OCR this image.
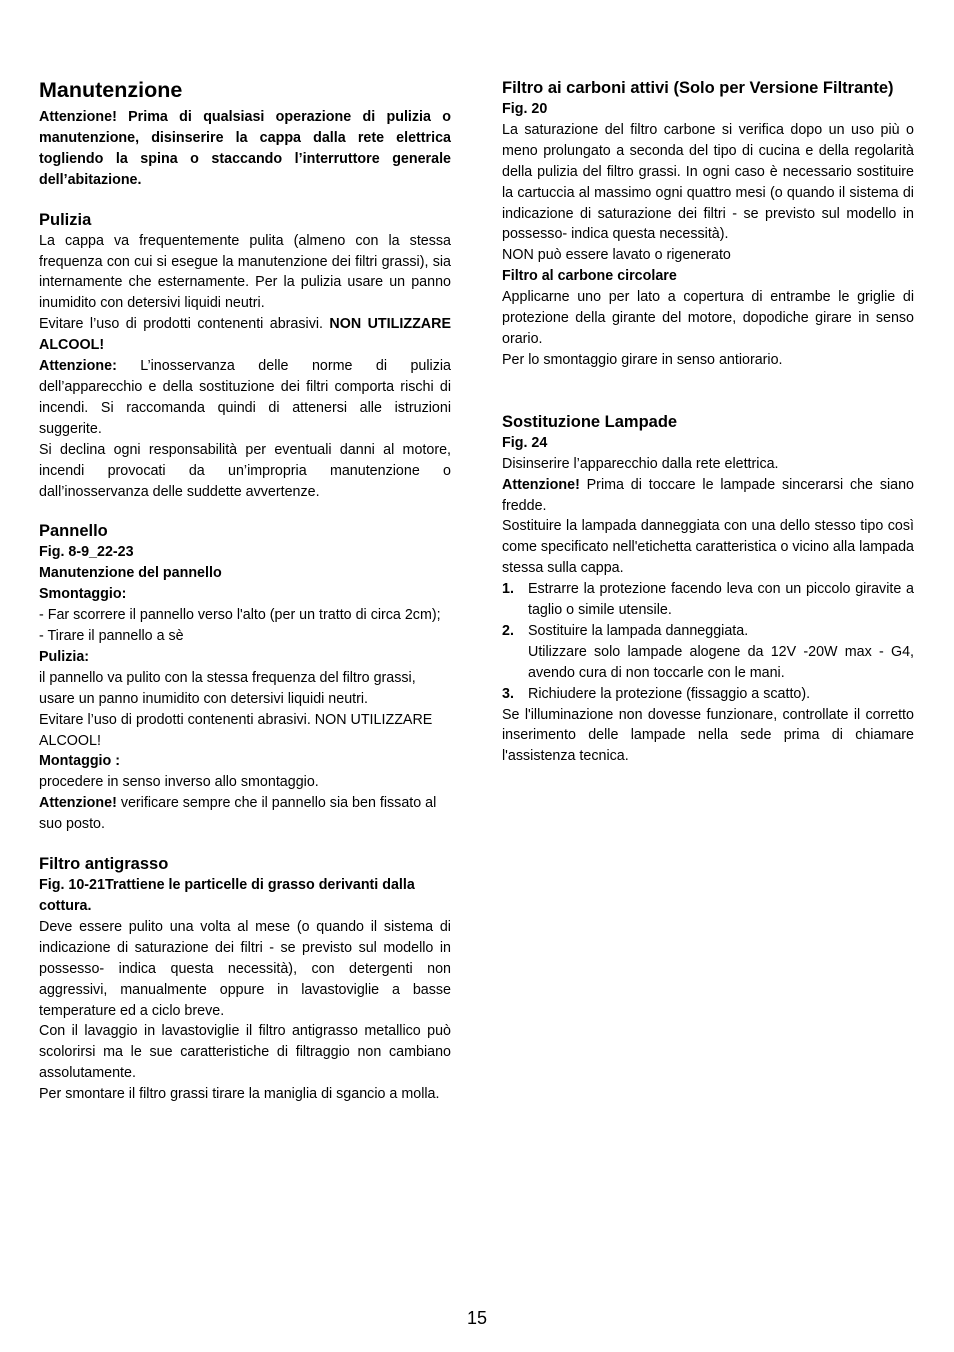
Manutenzione

Attenzione! Prima di qualsiasi operazione di pulizia o manutenzione, disinserire la cappa dalla rete elettrica togliendo la spina o staccando l’interruttore generale dell’abitazione.

Pulizia

La cappa va frequentemente pulita (almeno con la stessa frequenza con cui si esegue la manutenzione dei filtri grassi), sia internamente che esternamente. Per la pulizia usare un panno inumidito con detersivi liquidi neutri.

Evitare l’uso di prodotti contenenti abrasivi. NON UTILIZZARE ALCOOL!

Attenzione: L’inosservanza delle norme di pulizia dell’apparecchio e della sostituzione dei filtri comporta rischi di incendi. Si raccomanda quindi di attenersi alle istruzioni suggerite.

Si declina ogni responsabilità per eventuali danni al motore, incendi provocati da un’impropria manutenzione o dall’inosservanza delle suddette avvertenze.

Pannello

Fig. 8-9_22-23

Manutenzione del pannello

Smontaggio:

- Far scorrere il pannello verso l'alto (per un tratto di circa 2cm);

- Tirare il pannello a sè

Pulizia:

il pannello va pulito con la stessa frequenza del filtro grassi, usare un panno inumidito con detersivi liquidi neutri.

Evitare l’uso di prodotti contenenti abrasivi. NON UTILIZZARE ALCOOL!

Montaggio :

procedere in senso inverso allo smontaggio.

Attenzione! verificare sempre che il pannello sia ben fissato al suo posto.

Filtro antigrasso

Fig. 10-21Trattiene le particelle di grasso derivanti dalla cottura.

Deve essere pulito una volta al mese (o quando il sistema di indicazione di saturazione dei filtri - se previsto sul modello in possesso- indica questa necessità), con detergenti non aggressivi, manualmente oppure in lavastoviglie a basse temperature ed a ciclo breve.

Con il lavaggio in lavastoviglie il filtro antigrasso metallico può scolorirsi ma le sue caratteristiche di filtraggio non cambiano assolutamente.

Per smontare il filtro grassi tirare la maniglia di sgancio a molla.

Filtro ai carboni attivi (Solo per Versione Filtrante)

Fig. 20

La saturazione del filtro carbone si verifica dopo un uso più o meno prolungato a seconda del tipo di cucina e della regolarità della pulizia del filtro grassi. In ogni caso è necessario sostituire la cartuccia al massimo ogni quattro mesi (o quando il sistema di indicazione di saturazione dei filtri - se previsto sul modello in possesso- indica questa necessità).

NON può essere lavato o rigenerato

Filtro al carbone circolare

Applicarne uno per lato a copertura di entrambe le griglie di protezione della girante del motore, dopodiche girare in senso orario.

Per lo smontaggio girare in senso antiorario.

Sostituzione Lampade

Fig. 24

Disinserire l’apparecchio dalla rete elettrica.

Attenzione! Prima di toccare le lampade sincerarsi che siano fredde.

Sostituire la lampada danneggiata con una dello stesso tipo così come specificato nell'etichetta caratteristica o vicino alla lampada stessa sulla cappa.

1. Estrarre la protezione facendo leva con un piccolo giravite a taglio o simile utensile.
2. Sostituire la lampada danneggiata.
Utilizzare solo lampade alogene da 12V -20W max - G4, avendo cura di non toccarle con le mani.
3. Richiudere la protezione (fissaggio a scatto).

Se l'illuminazione non dovesse funzionare, controllate il corretto inserimento delle lampade nella sede prima di chiamare l'assistenza tecnica.

15
